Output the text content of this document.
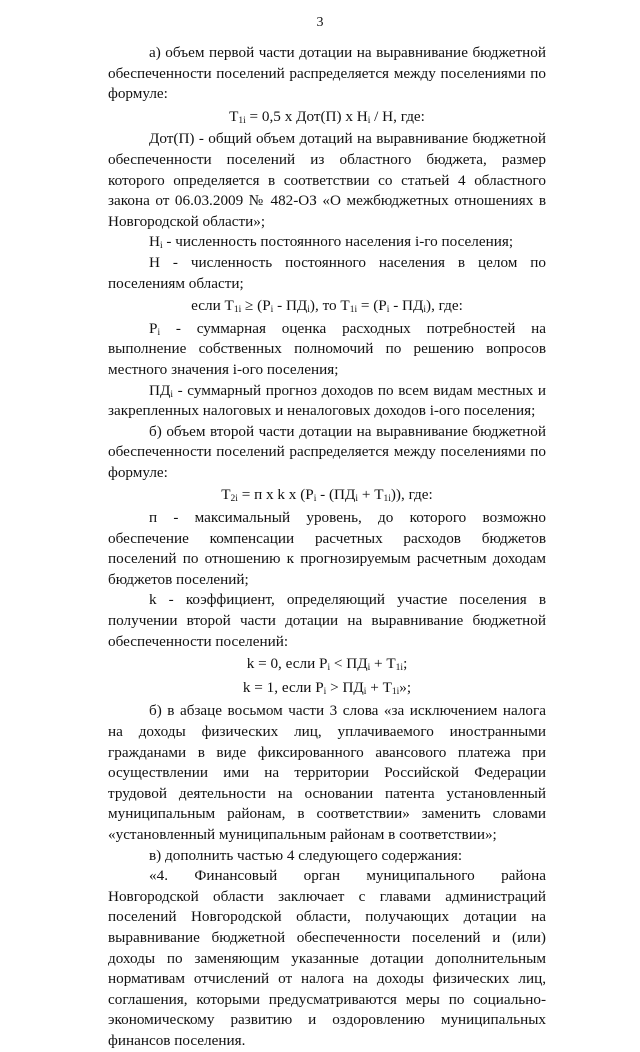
3

а) объем первой части дотации на выравнивание бюджетной обеспеченности поселений распределяется между поселениями по формуле:

$Т_{1i} = 0,5$ х Дот(П) х $Н_i$ / Н, где:

Дот(П) - общий объем дотаций на выравнивание бюджетной обеспеченности поселений из областного бюджета, размер которого определяется в соответствии со статьей 4 областного закона от 06.03.2009 № 482-ОЗ «О межбюджетных отношениях в Новгородской области»;

$Н_i$ - численность постоянного населения i-го поселения;

Н - численность постоянного населения в целом по поселениям области;

если $Т_{1i} \ge (Р_i - ПД_i)$, то $Т_{1i} = (Р_i - ПД_i)$, где:

$Р_i$ - суммарная оценка расходных потребностей на выполнение собственных полномочий по решению вопросов местного значения i-ого поселения;

$ПД_i$ - суммарный прогноз доходов по всем видам местных и закрепленных налоговых и неналоговых доходов i-ого поселения;

б) объем второй части дотации на выравнивание бюджетной обеспеченности поселений распределяется между поселениями по формуле:

$Т_{2i} = п$ х k х $(Р_i - (ПД_i + Т_{1i}))$, где:

п - максимальный уровень, до которого возможно обеспечение компенсации расчетных расходов бюджетов поселений по отношению к прогнозируемым расчетным доходам бюджетов поселений;

k - коэффициент, определяющий участие поселения в получении второй части дотации на выравнивание бюджетной обеспеченности поселений:

k = 0, если $Р_i < ПД_i + Т_{1i}$;

k = 1, если $Р_i > ПД_i + Т_{1i}$»;

б) в абзаце восьмом части 3 слова «за исключением налога на доходы физических лиц, уплачиваемого иностранными гражданами в виде фиксированного авансового платежа при осуществлении ими на территории Российской Федерации трудовой деятельности на основании патента установленный муниципальным районам, в соответствии» заменить словами «установленный муниципальным районам в соответствии»;

в) дополнить частью 4 следующего содержания:

«4. Финансовый орган муниципального района Новгородской области заключает с главами администраций поселений Новгородской области, получающих дотации на выравнивание бюджетной обеспеченности поселений и (или) доходы по заменяющим указанные дотации дополнительным нормативам отчислений от налога на доходы физических лиц, соглашения, которыми предусматриваются меры по социально-экономическому развитию и оздоровлению муниципальных финансов поселения.
